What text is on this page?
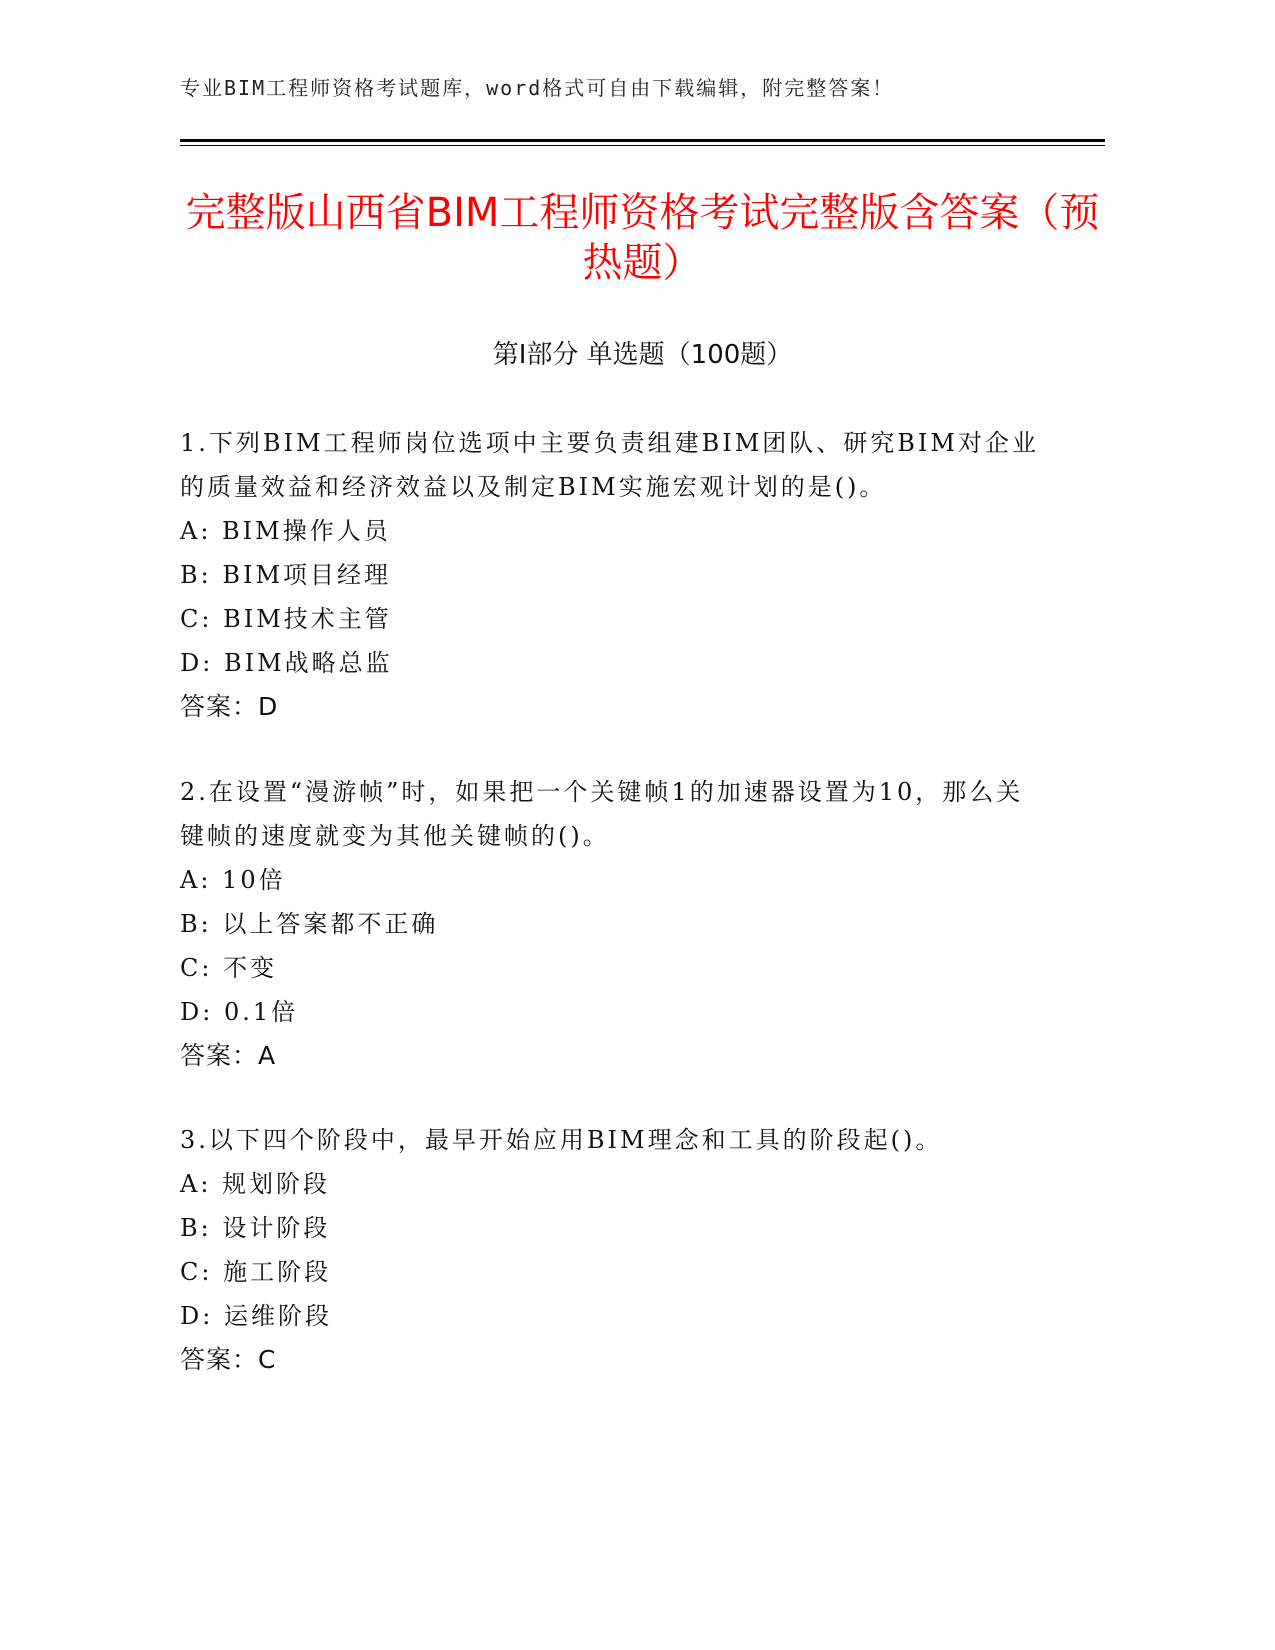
专业BIM工程师资格考试题库，word格式可自由下载编辑，附完整答案！
完整版山西省BIM工程师资格考试完整版含答案（预热题）
第I部分 单选题（100题）

1.下列BIM工程师岗位选项中主要负责组建BIM团队、研究BIM对企业的质量效益和经济效益以及制定BIM实施宏观计划的是()。

A: BIM操作人员

B: BIM项目经理

C: BIM技术主管

D: BIM战略总监

答案：D

2.在设置“漫游帧”时，如果把一个关键帧1的加速器设置为10，那么关键帧的速度就变为其他关键帧的()。

A: 10倍

B: 以上答案都不正确

C: 不变

D: 0.1倍

答案：A

3.以下四个阶段中，最早开始应用BIM理念和工具的阶段起()。

A: 规划阶段

B: 设计阶段

C: 施工阶段

D: 运维阶段

答案：C
